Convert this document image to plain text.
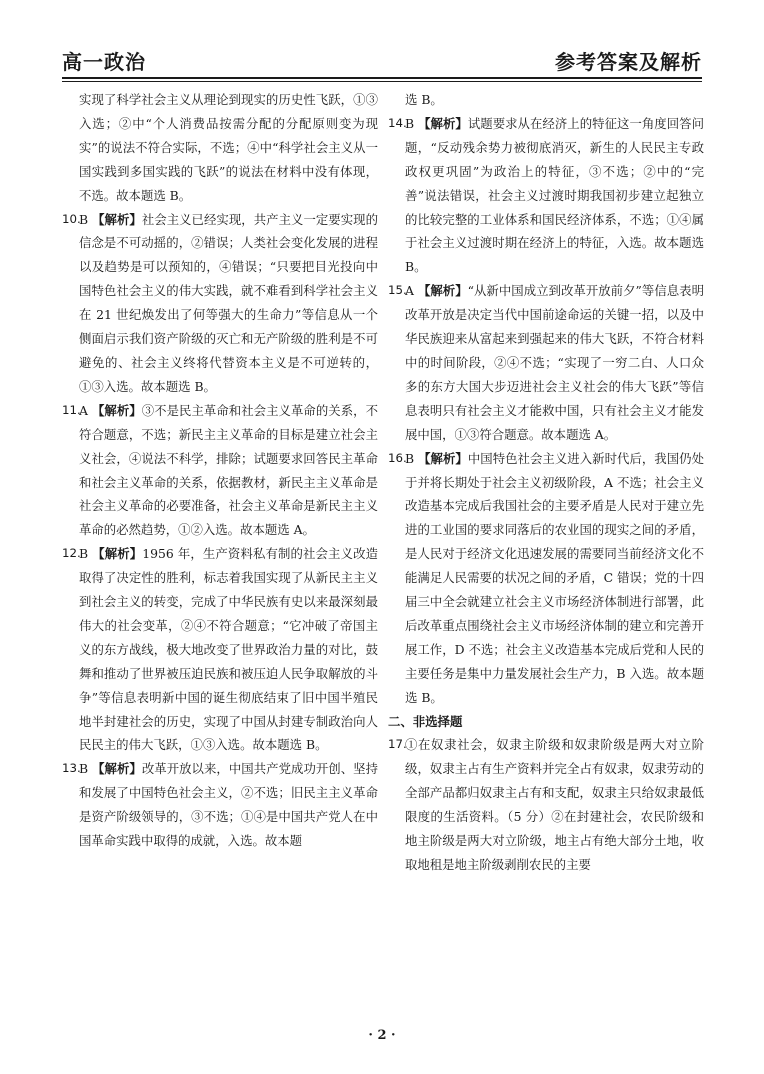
高一政治	参考答案及解析
实现了科学社会主义从理论到现实的历史性飞跃，①③入选；②中“个人消费品按需分配的分配原则变为现实”的说法不符合实际，不选；④中“科学社会主义从一国实践到多国实践的飞跃”的说法在材料中没有体现，不选。故本题选 B。
10.
B 【解析】社会主义已经实现，共产主义一定要实现的信念是不可动摇的，②错误；人类社会变化发展的进程以及趋势是可以预知的，④错误；“只要把目光投向中国特色社会主义的伟大实践，就不难看到科学社会主义在 21 世纪焕发出了何等强大的生命力”等信息从一个侧面启示我们资产阶级的灭亡和无产阶级的胜利是不可避免的、社会主义终将代替资本主义是不可逆转的，①③入选。故本题选 B。
11.
A 【解析】③不是民主革命和社会主义革命的关系，不符合题意，不选；新民主主义革命的目标是建立社会主义社会，④说法不科学，排除；试题要求回答民主革命和社会主义革命的关系，依据教材，新民主主义革命是社会主义革命的必要准备，社会主义革命是新民主主义革命的必然趋势，①②入选。故本题选 A。
12.
B 【解析】1956 年，生产资料私有制的社会主义改造取得了决定性的胜利，标志着我国实现了从新民主主义到社会主义的转变，完成了中华民族有史以来最深刻最伟大的社会变革，②④不符合题意；“它冲破了帝国主义的东方战线，极大地改变了世界政治力量的对比，鼓舞和推动了世界被压迫民族和被压迫人民争取解放的斗争”等信息表明新中国的诞生彻底结束了旧中国半殖民地半封建社会的历史，实现了中国从封建专制政治向人民民主的伟大飞跃，①③入选。故本题选 B。
13.
B 【解析】改革开放以来，中国共产党成功开创、坚持和发展了中国特色社会主义，②不选；旧民主主义革命是资产阶级领导的，③不选；①④是中国共产党人在中国革命实践中取得的成就，入选。故本题
选 B。
14.
B 【解析】试题要求从在经济上的特征这一角度回答问题，“反动残余势力被彻底消灭，新生的人民民主专政政权更巩固”为政治上的特征，③不选；②中的“完善”说法错误，社会主义过渡时期我国初步建立起独立的比较完整的工业体系和国民经济体系，不选；①④属于社会主义过渡时期在经济上的特征，入选。故本题选 B。
15.
A 【解析】“从新中国成立到改革开放前夕”等信息表明改革开放是决定当代中国前途命运的关键一招，以及中华民族迎来从富起来到强起来的伟大飞跃，不符合材料中的时间阶段，②④不选；“实现了一穷二白、人口众多的东方大国大步迈进社会主义社会的伟大飞跃”等信息表明只有社会主义才能救中国，只有社会主义才能发展中国，①③符合题意。故本题选 A。
16.
B 【解析】中国特色社会主义进入新时代后，我国仍处于并将长期处于社会主义初级阶段，A 不选；社会主义改造基本完成后我国社会的主要矛盾是人民对于建立先进的工业国的要求同落后的农业国的现实之间的矛盾，是人民对于经济文化迅速发展的需要同当前经济文化不能满足人民需要的状况之间的矛盾，C 错误；党的十四届三中全会就建立社会主义市场经济体制进行部署，此后改革重点围绕社会主义市场经济体制的建立和完善开展工作，D 不选；社会主义改造基本完成后党和人民的主要任务是集中力量发展社会生产力，B 入选。故本题选 B。
二、非选择题
17.
①在奴隶社会，奴隶主阶级和奴隶阶级是两大对立阶级，奴隶主占有生产资料并完全占有奴隶，奴隶劳动的全部产品都归奴隶主占有和支配，奴隶主只给奴隶最低限度的生活资料。（5 分）②在封建社会，农民阶级和地主阶级是两大对立阶级，地主占有绝大部分土地，收取地租是地主阶级剥削农民的主要
· 2 ·
